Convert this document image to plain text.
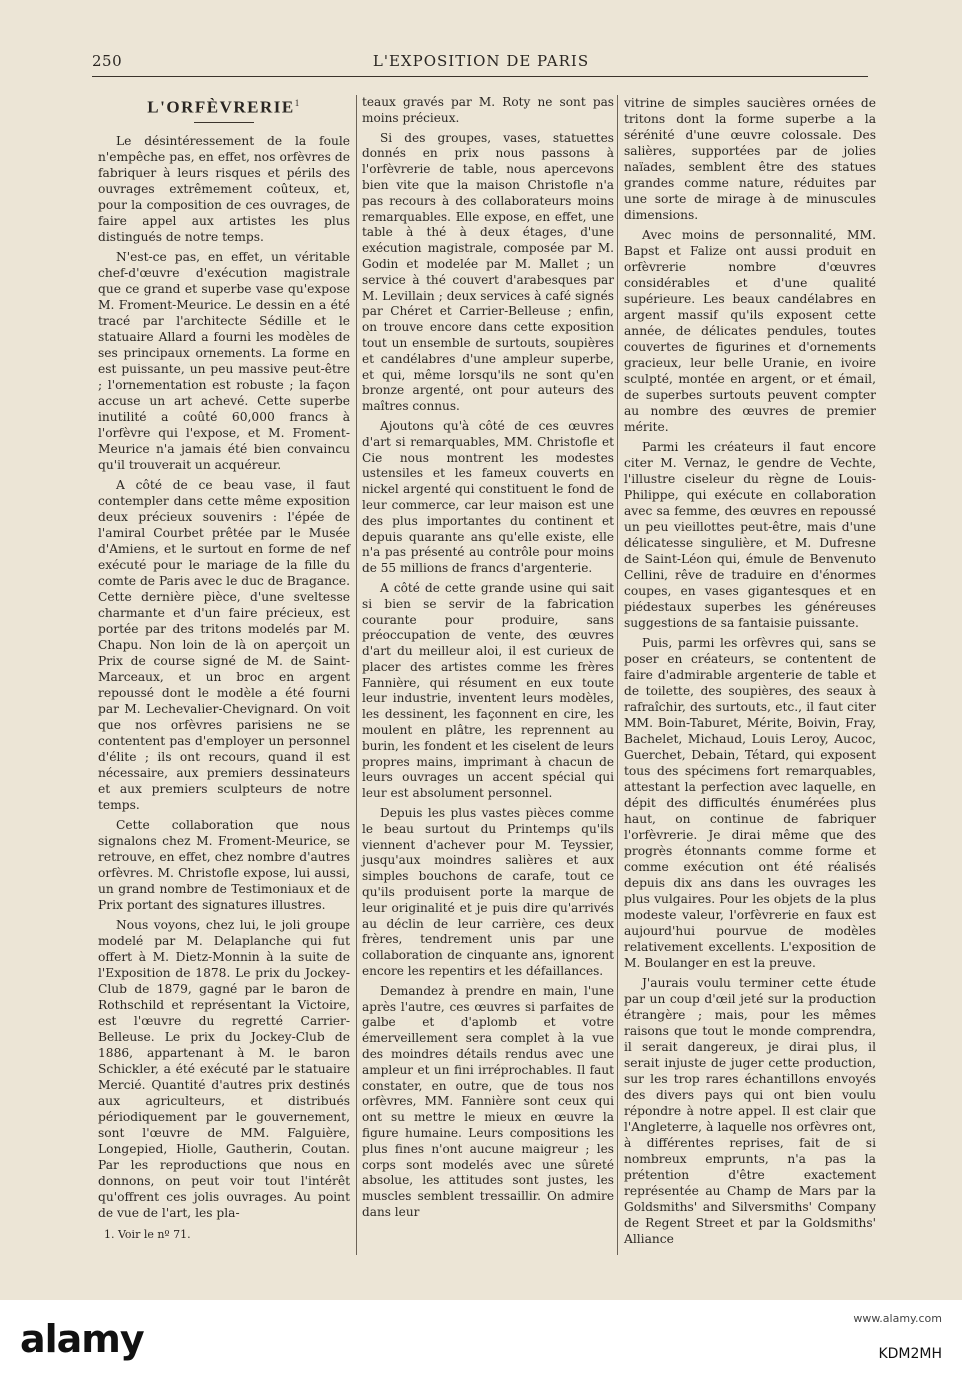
250	L'EXPOSITION DE PARIS
L'ORFÈVRERIE$^1$

Le désintéressement de la foule n'empêche pas, en effet, nos orfèvres de fabriquer à leurs risques et périls des ouvrages extrêmement coûteux, et, pour la composition de ces ouvrages, de faire appel aux artistes les plus distingués de notre temps.

N'est-ce pas, en effet, un véritable chef-d'œuvre d'exécution magistrale que ce grand et superbe vase qu'expose M. Froment-Meurice. Le dessin en a été tracé par l'architecte Sédille et le statuaire Allard a fourni les modèles de ses principaux ornements. La forme en est puissante, un peu massive peut-être ; l'ornementation est robuste ; la façon accuse un art achevé. Cette superbe inutilité a coûté 60,000 francs à l'orfèvre qui l'expose, et M. Froment-Meurice n'a jamais été bien convaincu qu'il trouverait un acquéreur.

A côté de ce beau vase, il faut contempler dans cette même exposition deux précieux souvenirs : l'épée de l'amiral Courbet prêtée par le Musée d'Amiens, et le surtout en forme de nef exécuté pour le mariage de la fille du comte de Paris avec le duc de Bragance. Cette dernière pièce, d'une sveltesse charmante et d'un faire précieux, est portée par des tritons modelés par M. Chapu. Non loin de là on aperçoit un Prix de course signé de M. de Saint-Marceaux, et un broc en argent repoussé dont le modèle a été fourni par M. Lechevalier-Chevignard. On voit que nos orfèvres parisiens ne se contentent pas d'employer un personnel d'élite ; ils ont recours, quand il est nécessaire, aux premiers dessinateurs et aux premiers sculpteurs de notre temps.

Cette collaboration que nous signalons chez M. Froment-Meurice, se retrouve, en effet, chez nombre d'autres orfèvres. M. Christofle expose, lui aussi, un grand nombre de Testimoniaux et de Prix portant des signatures illustres.

Nous voyons, chez lui, le joli groupe modelé par M. Delaplanche qui fut offert à M. Dietz-Monnin à la suite de l'Exposition de 1878. Le prix du Jockey-Club de 1879, gagné par le baron de Rothschild et représentant la Victoire, est l'œuvre du regretté Carrier-Belleuse. Le prix du Jockey-Club de 1886, appartenant à M. le baron Schickler, a été exécuté par le statuaire Mercié. Quantité d'autres prix destinés aux agriculteurs, et distribués périodiquement par le gouvernement, sont l'œuvre de MM. Falguière, Longepied, Hiolle, Gautherin, Coutan. Par les reproductions que nous en donnons, on peut voir tout l'intérêt qu'offrent ces jolis ouvrages. Au point de vue de l'art, les pla-

1. Voir le nº 71.

teaux gravés par M. Roty ne sont pas moins précieux.

Si des groupes, vases, statuettes donnés en prix nous passons à l'orfèvrerie de table, nous apercevons bien vite que la maison Christofle n'a pas recours à des collaborateurs moins remarquables. Elle expose, en effet, une table à thé à deux étages, d'une exécution magistrale, composée par M. Godin et modelée par M. Mallet ; un service à thé couvert d'arabesques par M. Levillain ; deux services à café signés par Chéret et Carrier-Belleuse ; enfin, on trouve encore dans cette exposition tout un ensemble de surtouts, soupières et candélabres d'une ampleur superbe, et qui, même lorsqu'ils ne sont qu'en bronze argenté, ont pour auteurs des maîtres connus.

Ajoutons qu'à côté de ces œuvres d'art si remarquables, MM. Christofle et Cie nous montrent les modestes ustensiles et les fameux couverts en nickel argenté qui constituent le fond de leur commerce, car leur maison est une des plus importantes du continent et depuis quarante ans qu'elle existe, elle n'a pas présenté au contrôle pour moins de 55 millions de francs d'argenterie.

A côté de cette grande usine qui sait si bien se servir de la fabrication courante pour produire, sans préoccupation de vente, des œuvres d'art du meilleur aloi, il est curieux de placer des artistes comme les frères Fannière, qui résument en eux toute leur industrie, inventent leurs modèles, les dessinent, les façonnent en cire, les moulent en plâtre, les reprennent au burin, les fondent et les ciselent de leurs propres mains, imprimant à chacun de leurs ouvrages un accent spécial qui leur est absolument personnel.

Depuis les plus vastes pièces comme le beau surtout du Printemps qu'ils viennent d'achever pour M. Teyssier, jusqu'aux moindres salières et aux simples bouchons de carafe, tout ce qu'ils produisent porte la marque de leur originalité et je puis dire qu'arrivés au déclin de leur carrière, ces deux frères, tendrement unis par une collaboration de cinquante ans, ignorent encore les repentirs et les défaillances.

Demandez à prendre en main, l'une après l'autre, ces œuvres si parfaites de galbe et d'aplomb et votre émerveillement sera complet à la vue des moindres détails rendus avec une ampleur et un fini irréprochables. Il faut constater, en outre, que de tous nos orfèvres, MM. Fannière sont ceux qui ont su mettre le mieux en œuvre la figure humaine. Leurs compositions les plus fines n'ont aucune maigreur ; les corps sont modelés avec une sûreté absolue, les attitudes sont justes, les muscles semblent tressaillir. On admire dans leur

vitrine de simples saucières ornées de tritons dont la forme superbe a la sérénité d'une œuvre colossale. Des salières, supportées par de jolies naïades, semblent être des statues grandes comme nature, réduites par une sorte de mirage à de minuscules dimensions.

Avec moins de personnalité, MM. Bapst et Falize ont aussi produit en orfèvrerie nombre d'œuvres considérables et d'une qualité supérieure. Les beaux candélabres en argent massif qu'ils exposent cette année, de délicates pendules, toutes couvertes de figurines et d'ornements gracieux, leur belle Uranie, en ivoire sculpté, montée en argent, or et émail, de superbes surtouts peuvent compter au nombre des œuvres de premier mérite.

Parmi les créateurs il faut encore citer M. Vernaz, le gendre de Vechte, l'illustre ciseleur du règne de Louis-Philippe, qui exécute en collaboration avec sa femme, des œuvres en repoussé un peu vieillottes peut-être, mais d'une délicatesse singulière, et M. Dufresne de Saint-Léon qui, émule de Benvenuto Cellini, rêve de traduire en d'énormes coupes, en vases gigantesques et en piédestaux superbes les généreuses suggestions de sa fantaisie puissante.

Puis, parmi les orfèvres qui, sans se poser en créateurs, se contentent de faire d'admirable argenterie de table et de toilette, des soupières, des seaux à rafraîchir, des surtouts, etc., il faut citer MM. Boin-Taburet, Mérite, Boivin, Fray, Bachelet, Michaud, Louis Leroy, Aucoc, Guerchet, Debain, Tétard, qui exposent tous des spécimens fort remarquables, attestant la perfection avec laquelle, en dépit des difficultés énumérées plus haut, on continue de fabriquer l'orfèvrerie. Je dirai même que des progrès étonnants comme forme et comme exécution ont été réalisés depuis dix ans dans les ouvrages les plus vulgaires. Pour les objets de la plus modeste valeur, l'orfèvrerie en faux est aujourd'hui pourvue de modèles relativement excellents. L'exposition de M. Boulanger en est la preuve.

J'aurais voulu terminer cette étude par un coup d'œil jeté sur la production étrangère ; mais, pour les mêmes raisons que tout le monde comprendra, il serait dangereux, je dirai plus, il serait injuste de juger cette production, sur les trop rares échantillons envoyés des divers pays qui ont bien voulu répondre à notre appel. Il est clair que l'Angleterre, à laquelle nos orfèvres ont, à différentes reprises, fait de si nombreux emprunts, n'a pas la prétention d'être exactement représentée au Champ de Mars par la Goldsmiths' and Silversmiths' Company de Regent Street et par la Goldsmiths' Alliance

alamy	www.alamy.com
KDM2MH
